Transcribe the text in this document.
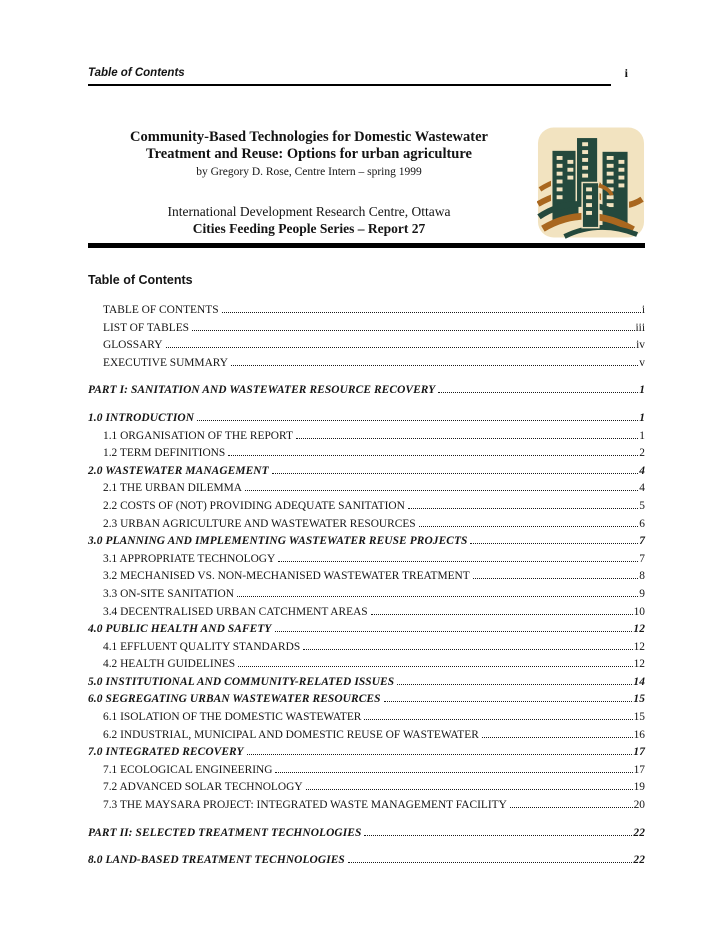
Table of Contents	i
Community-Based Technologies for Domestic Wastewater
Treatment and Reuse: Options for urban agriculture
by Gregory D. Rose, Centre Intern – spring 1999
International Development Research Centre, Ottawa
Cities Feeding People Series – Report 27
Table of Contents
TABLE OF CONTENTS	i
LIST OF TABLES	iii
GLOSSARY	iv
EXECUTIVE SUMMARY	v
PART I: SANITATION AND WASTEWATER RESOURCE RECOVERY	1
1.0 INTRODUCTION	1
1.1 ORGANISATION OF THE REPORT	1
1.2 TERM DEFINITIONS	2
2.0 WASTEWATER MANAGEMENT	4
2.1 THE URBAN DILEMMA	4
2.2 COSTS OF (NOT) PROVIDING ADEQUATE SANITATION	5
2.3 URBAN AGRICULTURE AND WASTEWATER RESOURCES	6
3.0 PLANNING AND IMPLEMENTING WASTEWATER REUSE PROJECTS	7
3.1 APPROPRIATE TECHNOLOGY	7
3.2 MECHANISED VS. NON-MECHANISED WASTEWATER TREATMENT	8
3.3 ON-SITE SANITATION	9
3.4 DECENTRALISED URBAN CATCHMENT AREAS	10
4.0 PUBLIC HEALTH AND SAFETY	12
4.1 EFFLUENT QUALITY STANDARDS	12
4.2 HEALTH GUIDELINES	12
5.0 INSTITUTIONAL AND COMMUNITY-RELATED ISSUES	14
6.0 SEGREGATING URBAN WASTEWATER RESOURCES	15
6.1 ISOLATION OF THE DOMESTIC WASTEWATER	15
6.2 INDUSTRIAL, MUNICIPAL AND DOMESTIC REUSE OF WASTEWATER	16
7.0 INTEGRATED RECOVERY	17
7.1 ECOLOGICAL ENGINEERING	17
7.2 ADVANCED SOLAR TECHNOLOGY	19
7.3 THE MAYSARA PROJECT: INTEGRATED WASTE MANAGEMENT FACILITY	20
PART II: SELECTED TREATMENT TECHNOLOGIES	22
8.0 LAND-BASED TREATMENT TECHNOLOGIES	22
